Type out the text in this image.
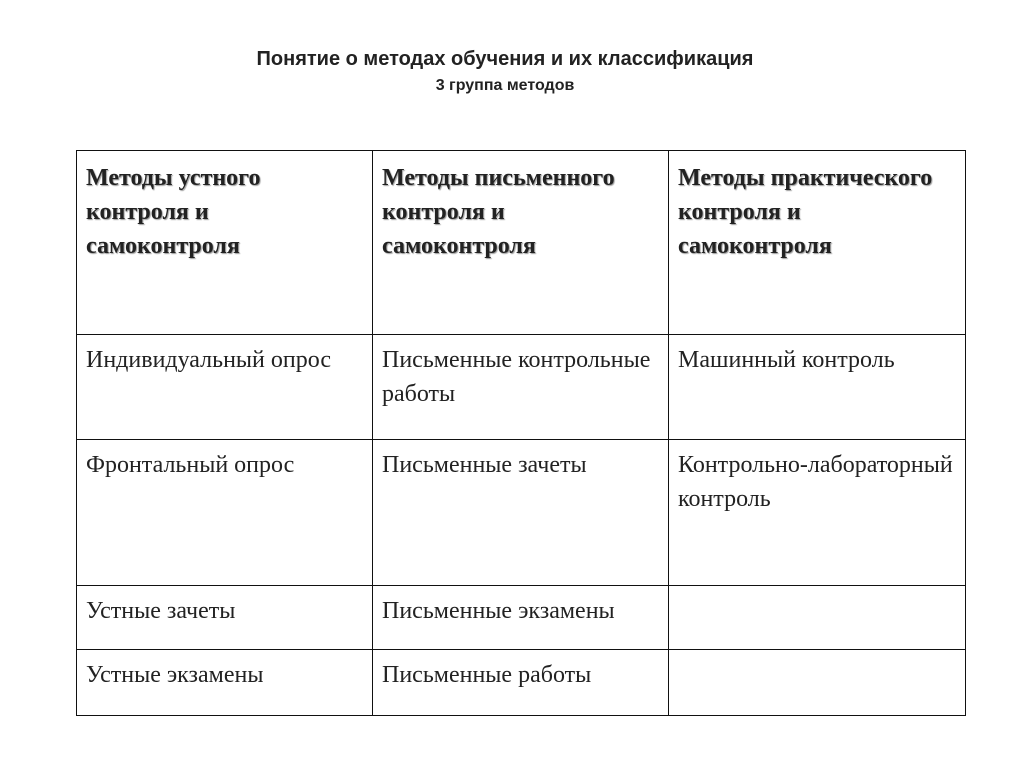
Понятие о методах обучения и их классификация
3 группа методов
Методы устного контроля и самоконтроля	Методы письменного контроля и самоконтроля	Методы практического контроля и самоконтроля
Индивидуальный опрос	Письменные контрольные работы	Машинный контроль
Фронтальный опрос	Письменные зачеты	Контрольно-лабораторный контроль
Устные зачеты	Письменные экзамены	
Устные экзамены	Письменные работы	
